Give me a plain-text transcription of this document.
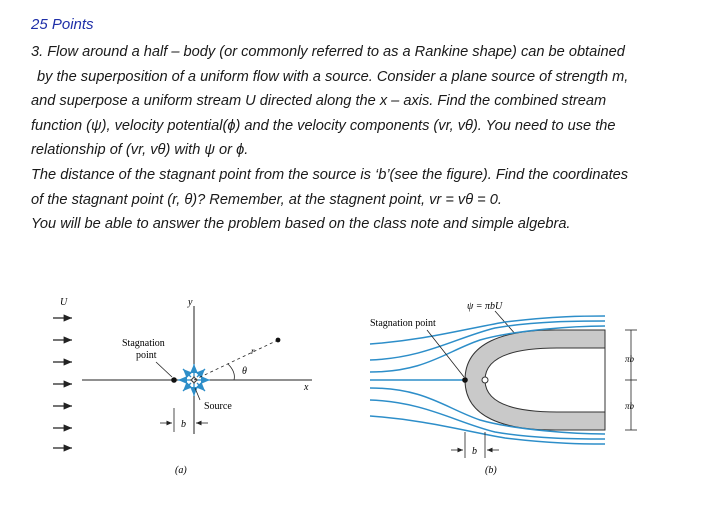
25 Points
3. Flow around a half – body (or commonly referred to as a Rankine shape) can be obtained
by the superposition of a uniform flow with a source. Consider a plane source of strength m,
and superpose a uniform stream U directed along the x – axis. Find the combined stream
function (ψ), velocity potential(ϕ) and the velocity components (vr, vθ). You need to use the
relationship of (vr, vθ) with ψ or ϕ.
The distance of the stagnant point from the source is ‘b’(see the figure). Find the coordinates
of the stagnant point (r, θ)? Remember, at the stagnent point, vr = vθ = 0.
You will be able to answer the problem based on the class note and simple algebra.
U	y
x
r
θ
Stagnation
point
Source
b
(a)
ψ = πbU
Stagnation point
πb
πb
b
(b)
